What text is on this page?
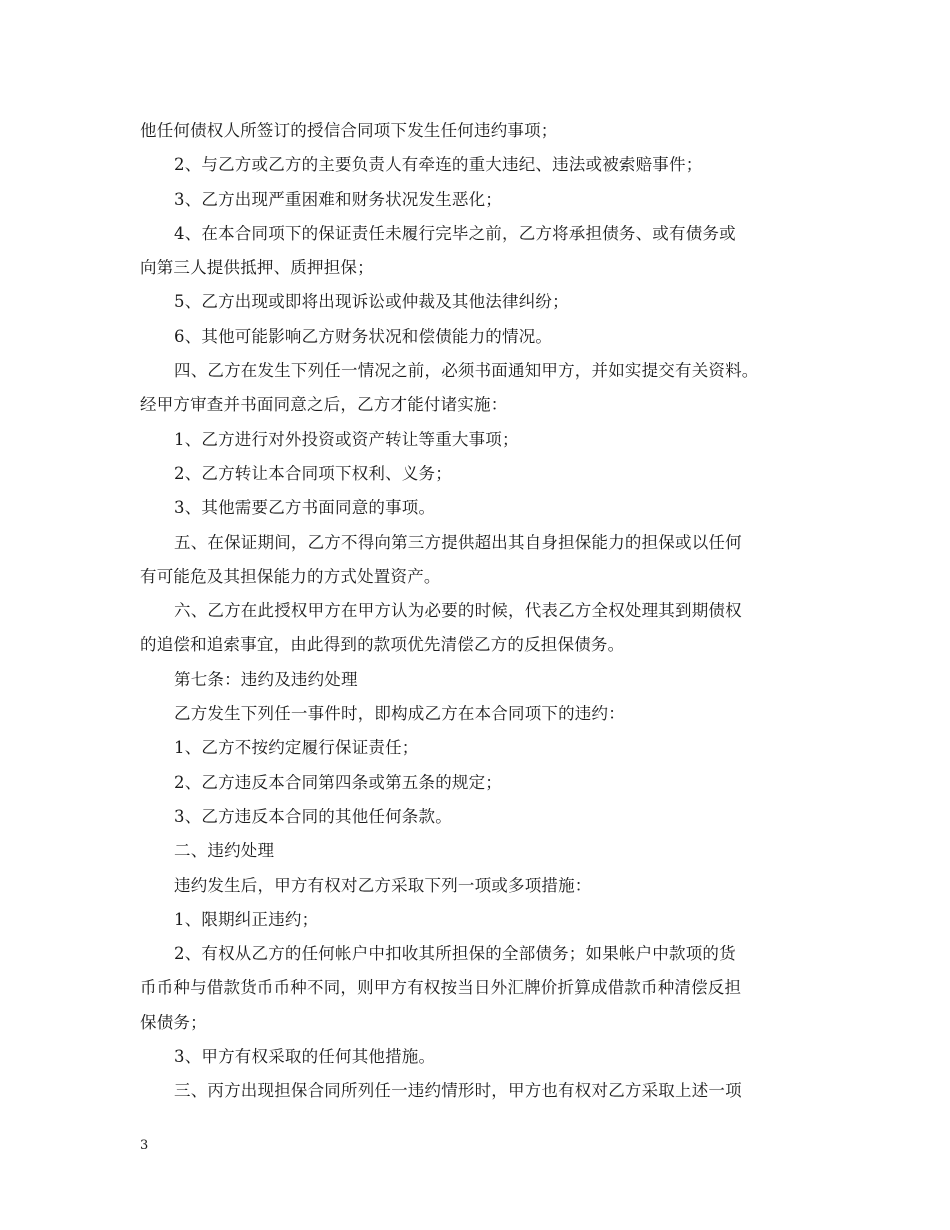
他任何债权人所签订的授信合同项下发生任何违约事项；
2、与乙方或乙方的主要负责人有牵连的重大违纪、违法或被索赔事件；
3、乙方出现严重困难和财务状况发生恶化；
4、在本合同项下的保证责任未履行完毕之前，乙方将承担债务、或有债务或
向第三人提供抵押、质押担保；
5、乙方出现或即将出现诉讼或仲裁及其他法律纠纷；
6、其他可能影响乙方财务状况和偿债能力的情况。
四、乙方在发生下列任一情况之前，必须书面通知甲方，并如实提交有关资料。
经甲方审查并书面同意之后，乙方才能付诸实施：
1、乙方进行对外投资或资产转让等重大事项；
2、乙方转让本合同项下权利、义务；
3、其他需要乙方书面同意的事项。
五、在保证期间，乙方不得向第三方提供超出其自身担保能力的担保或以任何
有可能危及其担保能力的方式处置资产。
六、乙方在此授权甲方在甲方认为必要的时候，代表乙方全权处理其到期债权
的追偿和追索事宜，由此得到的款项优先清偿乙方的反担保债务。
第七条：违约及违约处理
乙方发生下列任一事件时，即构成乙方在本合同项下的违约：
1、乙方不按约定履行保证责任；
2、乙方违反本合同第四条或第五条的规定；
3、乙方违反本合同的其他任何条款。
二、违约处理
违约发生后，甲方有权对乙方采取下列一项或多项措施：
1、限期纠正违约；
2、有权从乙方的任何帐户中扣收其所担保的全部债务；如果帐户中款项的货
币币种与借款货币币种不同，则甲方有权按当日外汇牌价折算成借款币种清偿反担
保债务；
3、甲方有权采取的任何其他措施。
三、丙方出现担保合同所列任一违约情形时，甲方也有权对乙方采取上述一项
3
